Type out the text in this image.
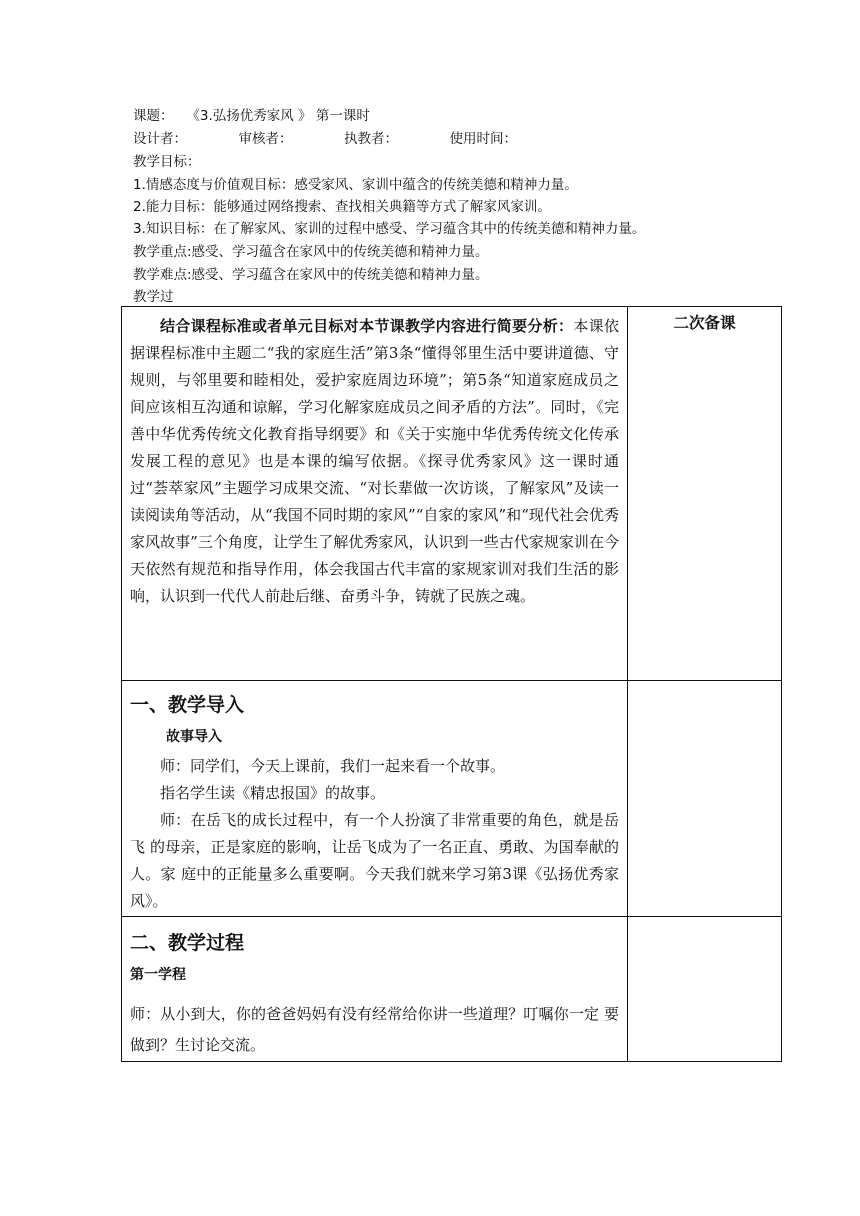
课题：   《3.弘扬优秀家风 》 第一课时
设计者：            审核者：            执教者：            使用时间：
教学目标：
1.情感态度与价值观目标：感受家风、家训中蕴含的传统美德和精神力量。
2.能力目标：能够通过网络搜索、查找相关典籍等方式了解家风家训。
3.知识目标：在了解家风、家训的过程中感受、学习蕴含其中的传统美德和精神力量。
教学重点:感受、学习蕴含在家风中的传统美德和精神力量。
教学难点:感受、学习蕴含在家风中的传统美德和精神力量。
教学过

结合课程标准或者单元目标对本节课教学内容进行简要分析：本课依据课程标准中主题二“我的家庭生活”第3条“懂得邻里生活中要讲道德、守规则，与邻里要和睦相处，爱护家庭周边环境”；第5条“知道家庭成员之间应该相互沟通和谅解，学习化解家庭成员之间矛盾的方法”。同时，《完善中华优秀传统文化教育指导纲要》和《关于实施中华优秀传统文化传承发展工程的意见》也是本课的编写依据。《探寻优秀家风》这一课时通过“荟萃家风”主题学习成果交流、“对长辈做一次访谈，了解家风”及读一读阅读角等活动，从“我国不同时期的家风”“自家的家风”和“现代社会优秀家风故事”三个角度，让学生了解优秀家风，认识到一些古代家规家训在今天依然有规范和指导作用，体会我国古代丰富的家规家训对我们生活的影响，认识到一代代人前赴后继、奋勇斗争，铸就了民族之魂。	二次备课

一、教学导入

故事导入

师：同学们，今天上课前，我们一起来看一个故事。

指名学生读《精忠报国》的故事。

师：在岳飞的成长过程中，有一个人扮演了非常重要的角色，就是岳飞 的母亲，正是家庭的影响，让岳飞成为了一名正直、勇敢、为国奉献的人。家 庭中的正能量多么重要啊。今天我们就来学习第3课《弘扬优秀家风》。	

二、教学过程

第一学程

师：从小到大，你的爸爸妈妈有没有经常给你讲一些道理？叮嘱你一定 要做到？生讨论交流。	
